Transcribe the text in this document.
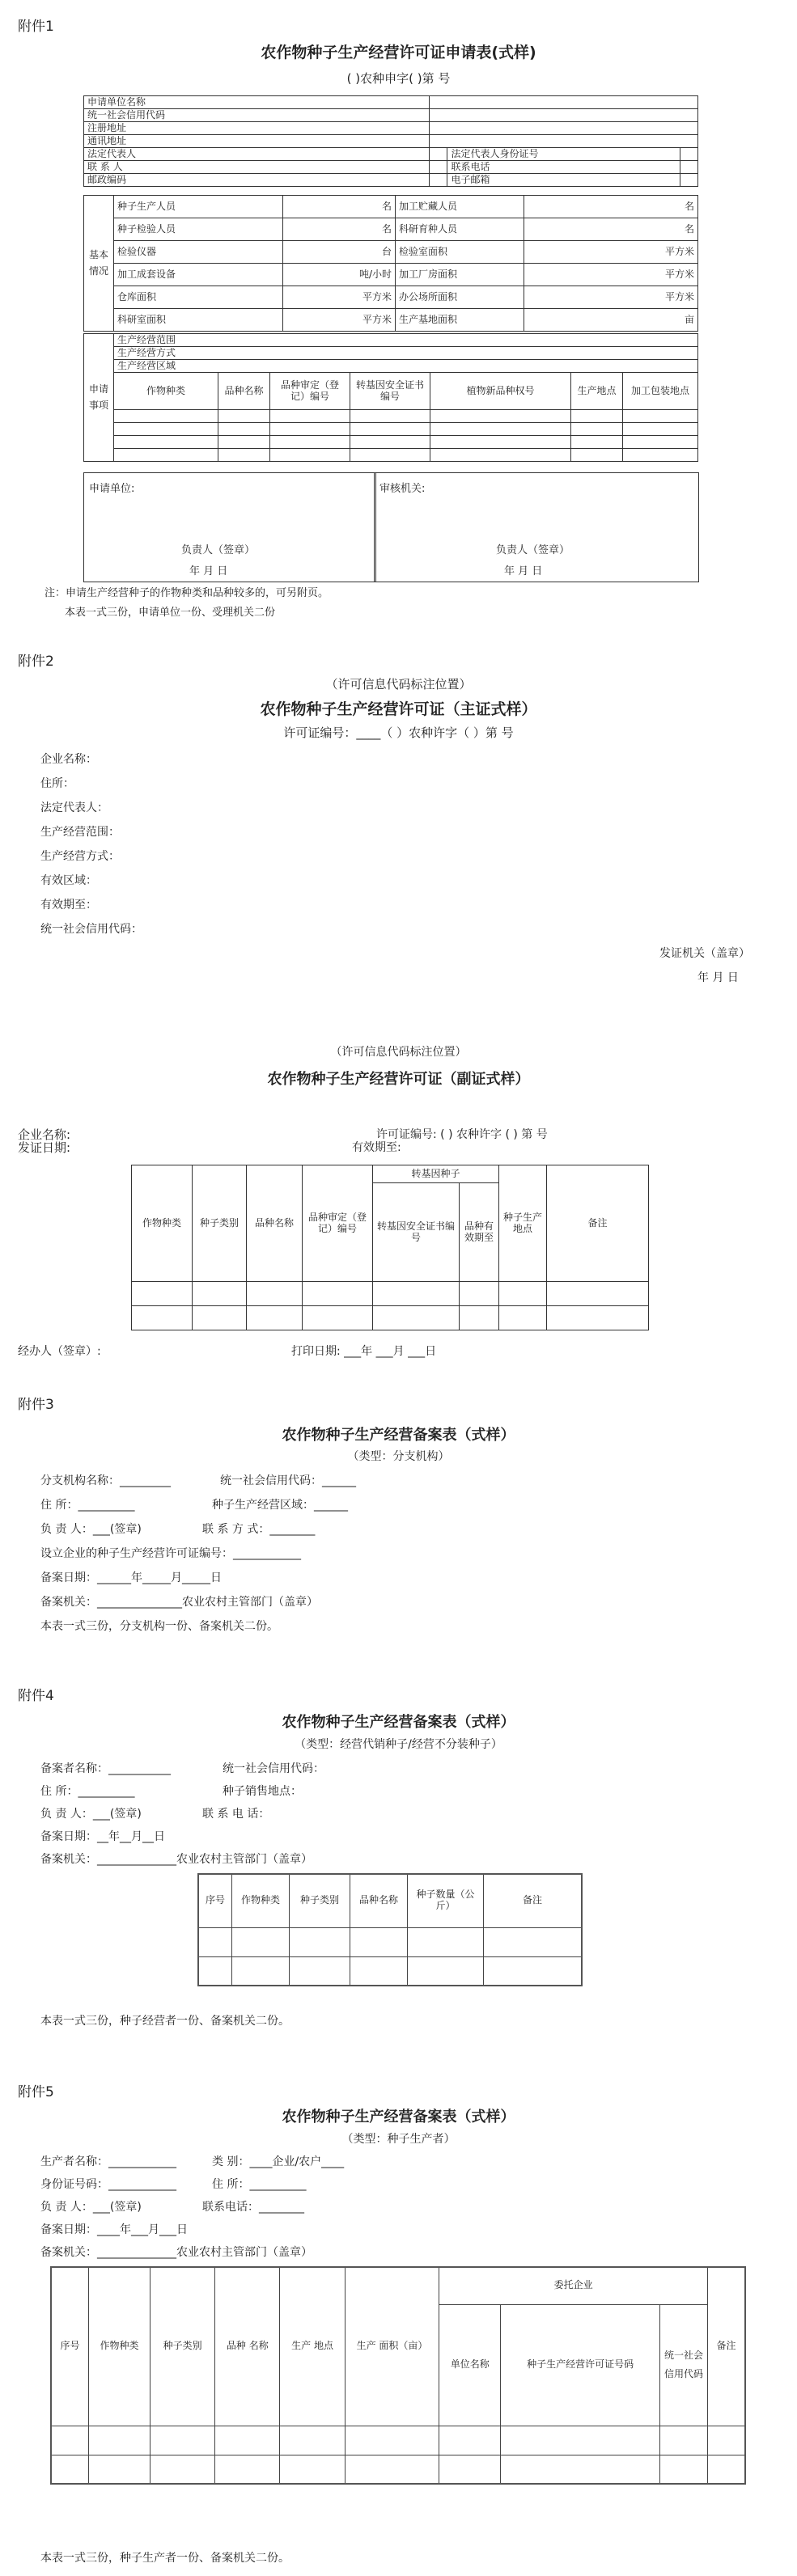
附件1
农作物种子生产经营许可证申请表(式样)
( )农种申字( )第 号
申请单位名称			
统一社会信用代码			
注册地址			
通讯地址			
法定代表人		法定代表人身份证号	
联 系 人		联系电话	
邮政编码		电子邮箱	
基本情况	种子生产人员	名	加工贮藏人员	名
	种子检验人员	名	科研育种人员	名
	检验仪器	台	检验室面积	平方米
	加工成套设备	吨/小时	加工厂房面积	平方米
	仓库面积	平方米	办公场所面积	平方米
	科研室面积	平方米	生产基地面积	亩
申请事项	生产经营范围						
	生产经营方式						
	生产经营区域						
	作物种类	品种名称	品种审定（登记）编号	转基因安全证书编号	植物新品种权号	生产地点	加工包装地点

申请单位:
负责人（签章）
年 月 日
审核机关:
负责人（签章）
年 月 日
注：申请生产经营种子的作物种类和品种较多的，可另附页。
本表一式三份，申请单位一份、受理机关二份
附件2
（许可信息代码标注位置）
农作物种子生产经营许可证（主证式样）
许可证编号：____（ ）农种许字（ ）第 号
企业名称：
住所：
法定代表人：
生产经营范围：
生产经营方式：
有效区域：
有效期至：
统一社会信用代码：
发证机关（盖章）
年 月 日
（许可信息代码标注位置）
农作物种子生产经营许可证（副证式样）
企业名称:
发证日期:
许可证编号: ( ) 农种许字 ( ) 第 号
有效期至:
作物种类	种子类别	品种名称	品种审定（登记）编号	转基因种子		种子生产地点	备注
				转基因安全证书编号	品种有效期至		

经办人（签章）:	打印日期: ___年 ___月 ___日
附件3
农作物种子生产经营备案表（式样）
（类型：分支机构）
分支机构名称：_________	统一社会信用代码：______
住 所：__________	种子生产经营区域：______
负 责 人：___(签章)	联 系 方 式：________
设立企业的种子生产经营许可证编号：____________
备案日期：______年_____月_____日
备案机关：_______________农业农村主管部门（盖章）
本表一式三份，分支机构一份、备案机关二份。
附件4
农作物种子生产经营备案表（式样）
（类型：经营代销种子/经营不分装种子）
备案者名称：___________	统一社会信用代码：
住 所：__________	种子销售地点：
负 责 人：___(签章)	联 系 电 话：
备案日期：__年__月__日
备案机关：______________农业农村主管部门（盖章）
序号	作物种类	种子类别	品种名称	种子数量（公斤）	备注

本表一式三份，种子经营者一份、备案机关二份。
附件5
农作物种子生产经营备案表（式样）
（类型：种子生产者）
生产者名称：____________	类 别：____企业/农户____
身份证号码：____________	住 所：__________
负 责 人：___(签章)	联系电话：________
备案日期：____年___月___日
备案机关：______________农业农村主管部门（盖章）
序号	作物种类	种子类别	品种 名称	生产 地点	生产 面积（亩）	委托企业			备注
						单位名称	种子生产经营许可证号码	统一社会信用代码	

本表一式三份，种子生产者一份、备案机关二份。
